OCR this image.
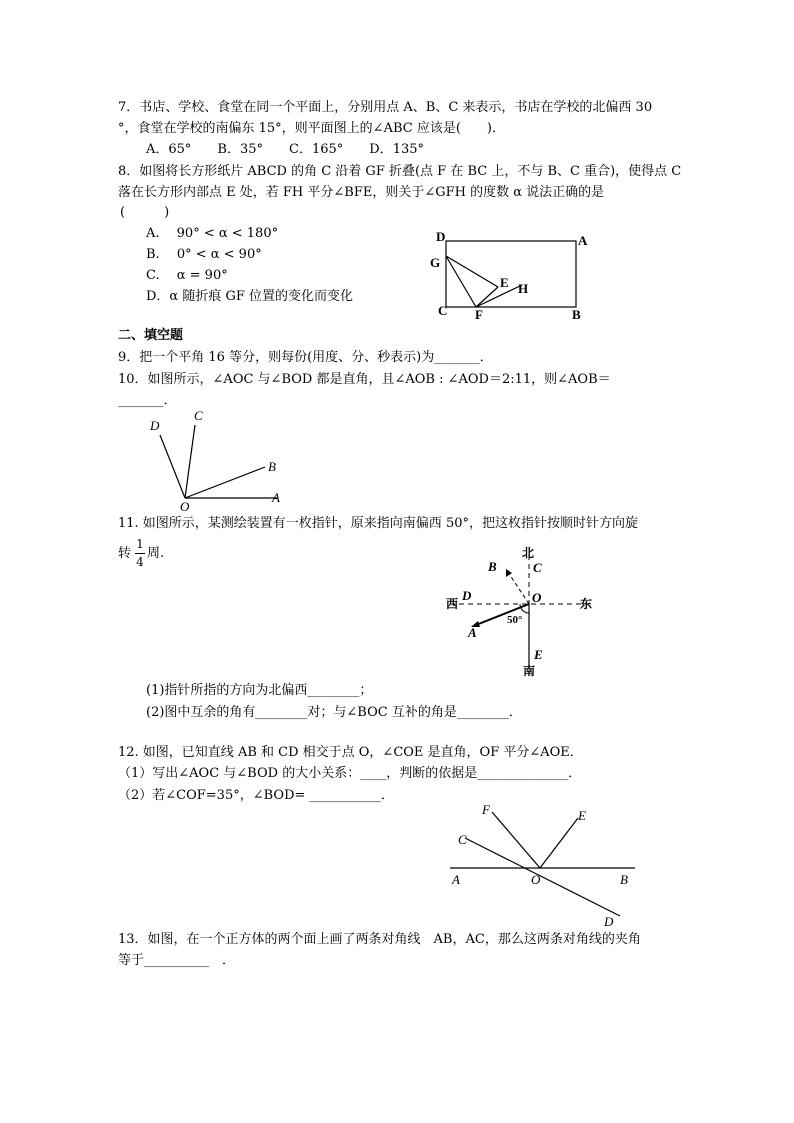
7．书店、学校、食堂在同一个平面上，分别用点 A、B、C 来表示，书店在学校的北偏西 30
°，食堂在学校的南偏东 15°，则平面图上的∠ABC 应该是(　　)．
A．65°　　B．35°　　C．165°　　D．135°
8．如图将长方形纸片 ABCD 的角 C 沿着 GF 折叠(点 F 在 BC 上，不与 B、C 重合)，使得点 C
落在长方形内部点 E 处，若 FH 平分∠BFE，则关于∠GFH 的度数 α 说法正确的是
(　　　)
A.　 90° < α < 180°
B.　 0° < α < 90°
C.　 α = 90°
D．α 随折痕 GF 位置的变化而变化
D	A
G
E H
C F	B
二、填空题
9．把一个平角 16 等分，则每份(用度、分、秒表示)为_______．
10．如图所示，∠AOC 与∠BOD 都是直角，且∠AOB : ∠AOD＝2:11，则∠AOB＝
_______．
D
C
B
O
A
11. 如图所示，某测绘装置有一枚指针，原来指向南偏西 50°，把这枚指针按顺时针方向旋
转
1
4
周.	北
南
西	东
B	C
D	O
A
E
50°
(1)指针所指的方向为北偏西________；
(2)图中互余的角有________对；与∠BOC 互补的角是________．
12. 如图，已知直线 AB 和 CD 相交于点 O，∠COE 是直角，OF 平分∠AOE．
（1）写出∠AOC 与∠BOD 的大小关系：____，判断的依据是______________．
（2）若∠COF=35°，∠BOD= ___________．
F	E
C
A	O	B
D
13．如图，在一个正方体的两个面上画了两条对角线　AB，AC，那么这两条对角线的夹角
等于__________　．
